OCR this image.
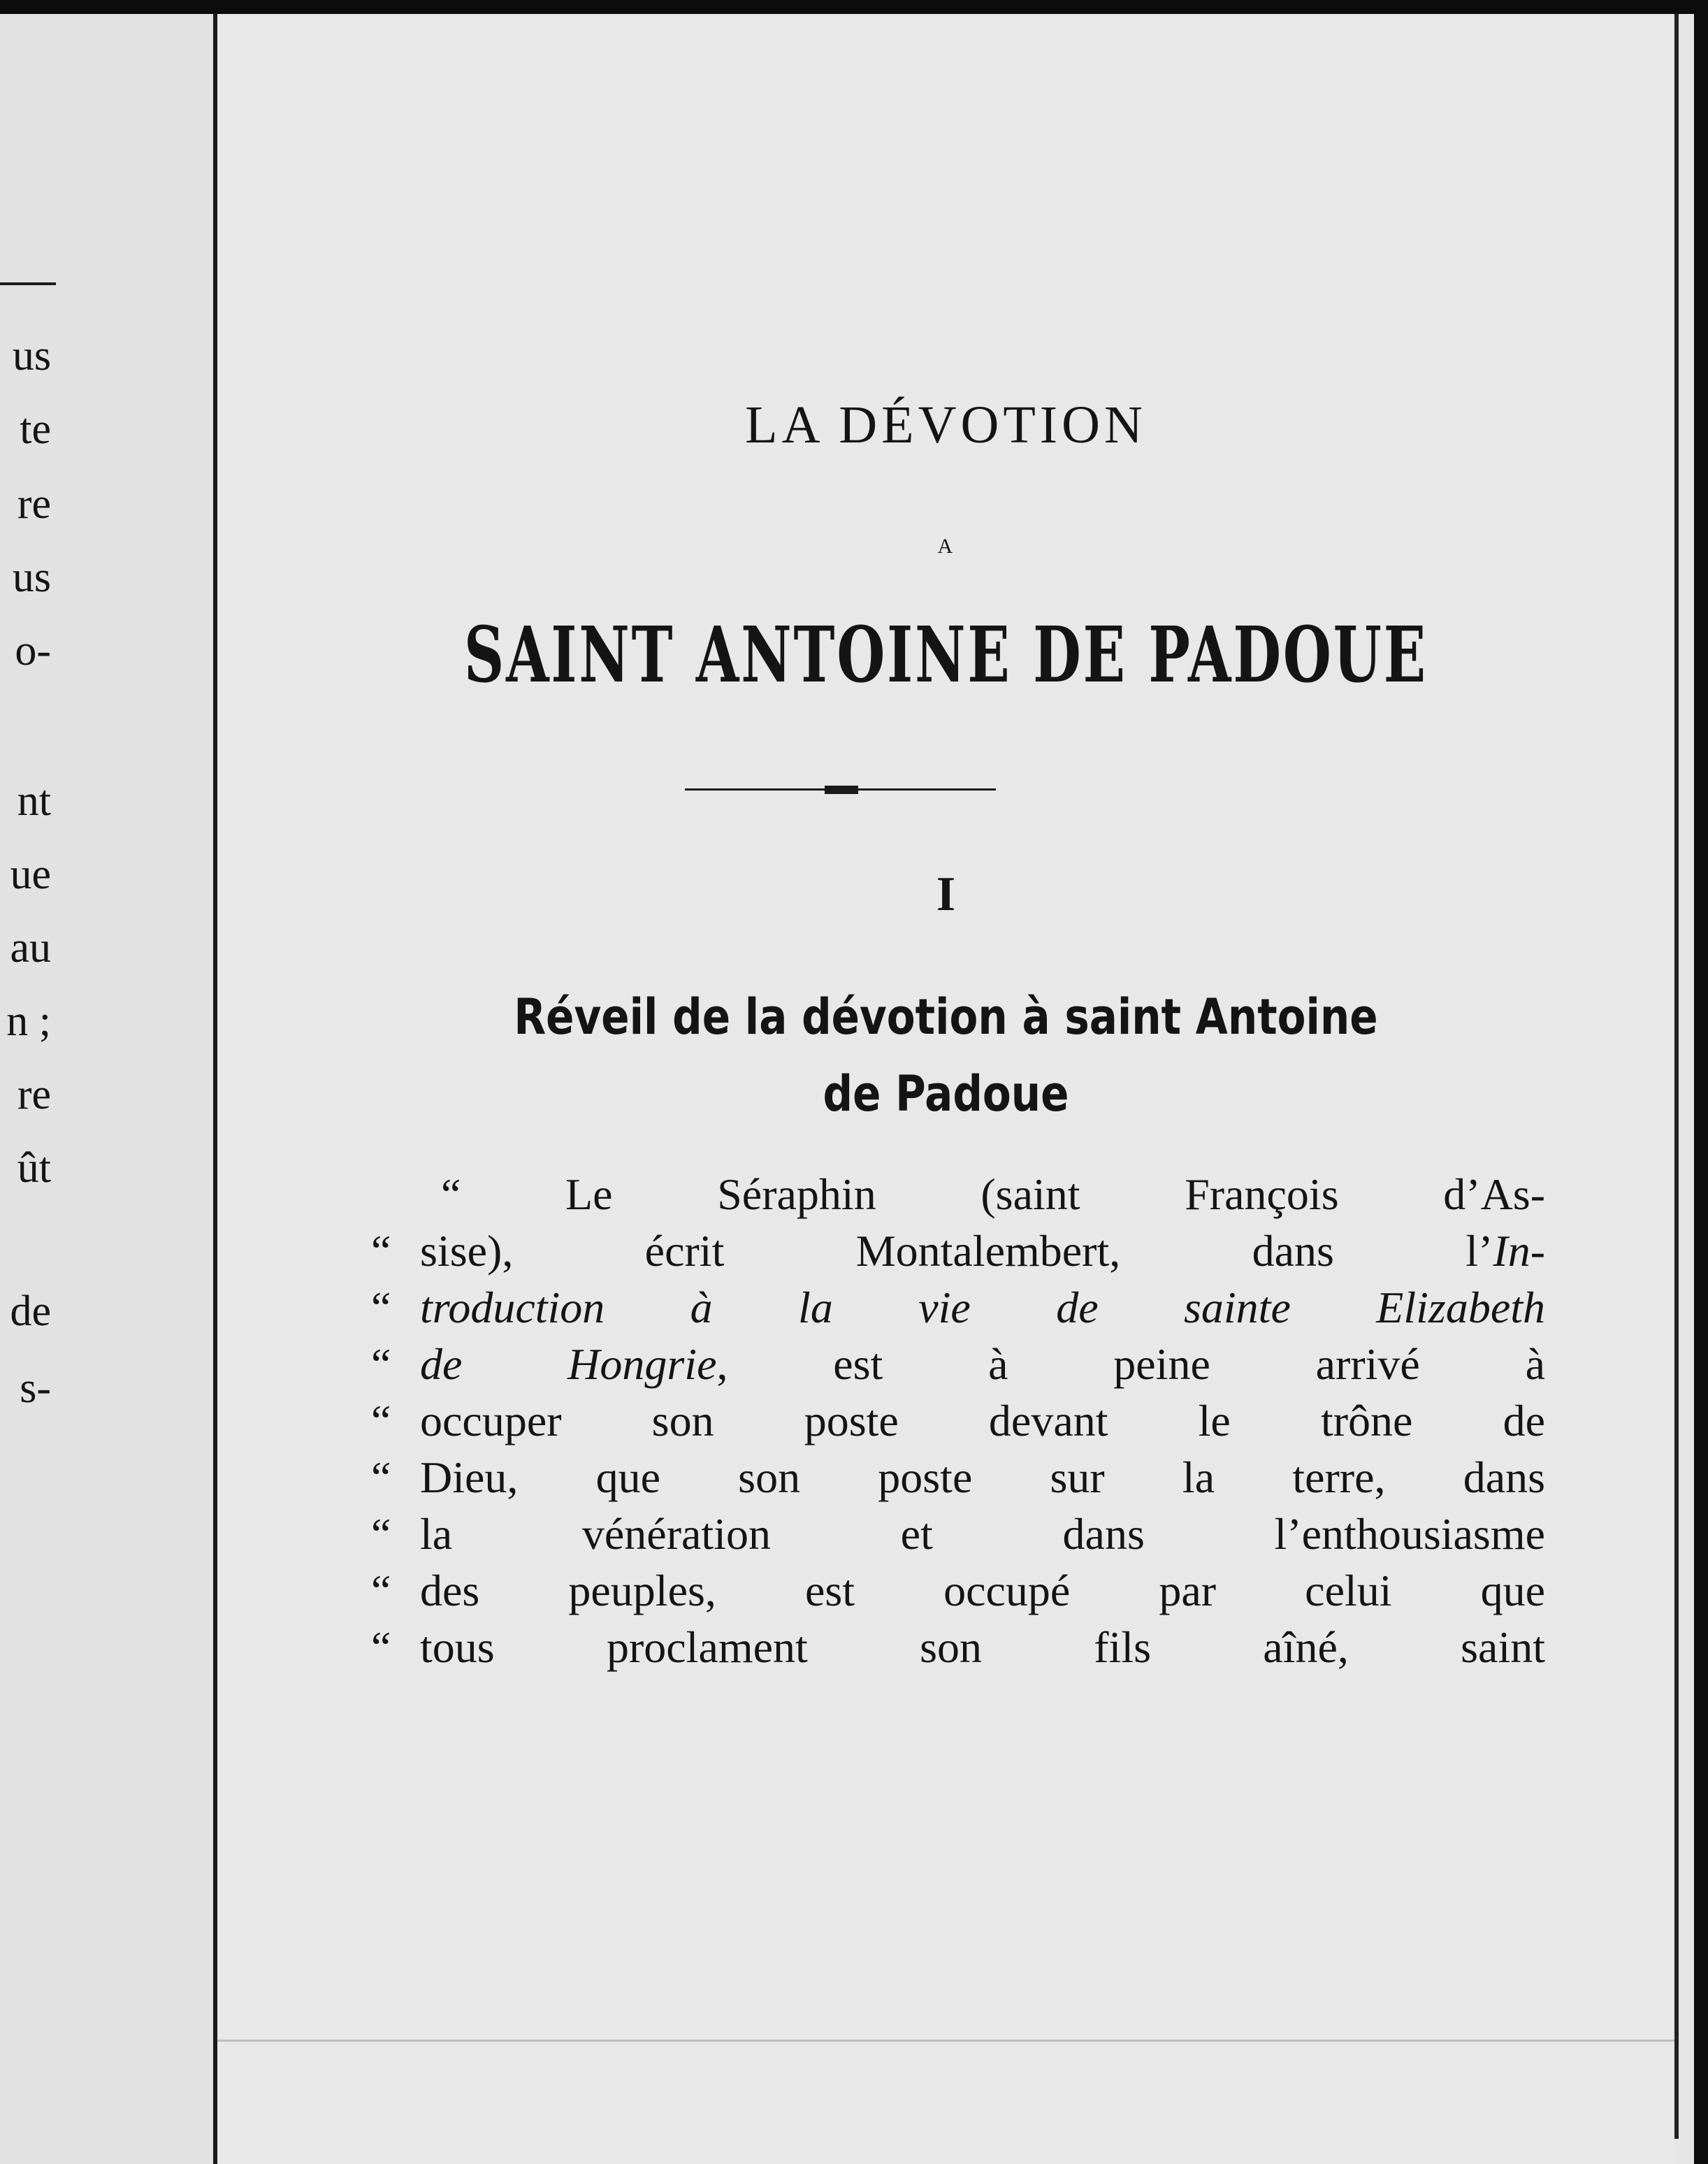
us

te

re

us

o-

nt

ue

au

n ;

re

ût

de

s-

LA DÉVOTION
A
SAINT ANTOINE DE PADOUE
I
Réveil de la dévotion à saint Antoine
de Padoue
“ Le Séraphin (saint François d’As-
“ sise), écrit Montalembert, dans l’In-
“ troduction à la vie de sainte Elizabeth
“ de Hongrie, est à peine arrivé à
“ occuper son poste devant le trône de
“ Dieu, que son poste sur la terre, dans
“ la vénération et dans l’enthousiasme
“ des peuples, est occupé par celui que
“ tous proclament son fils aîné, saint
